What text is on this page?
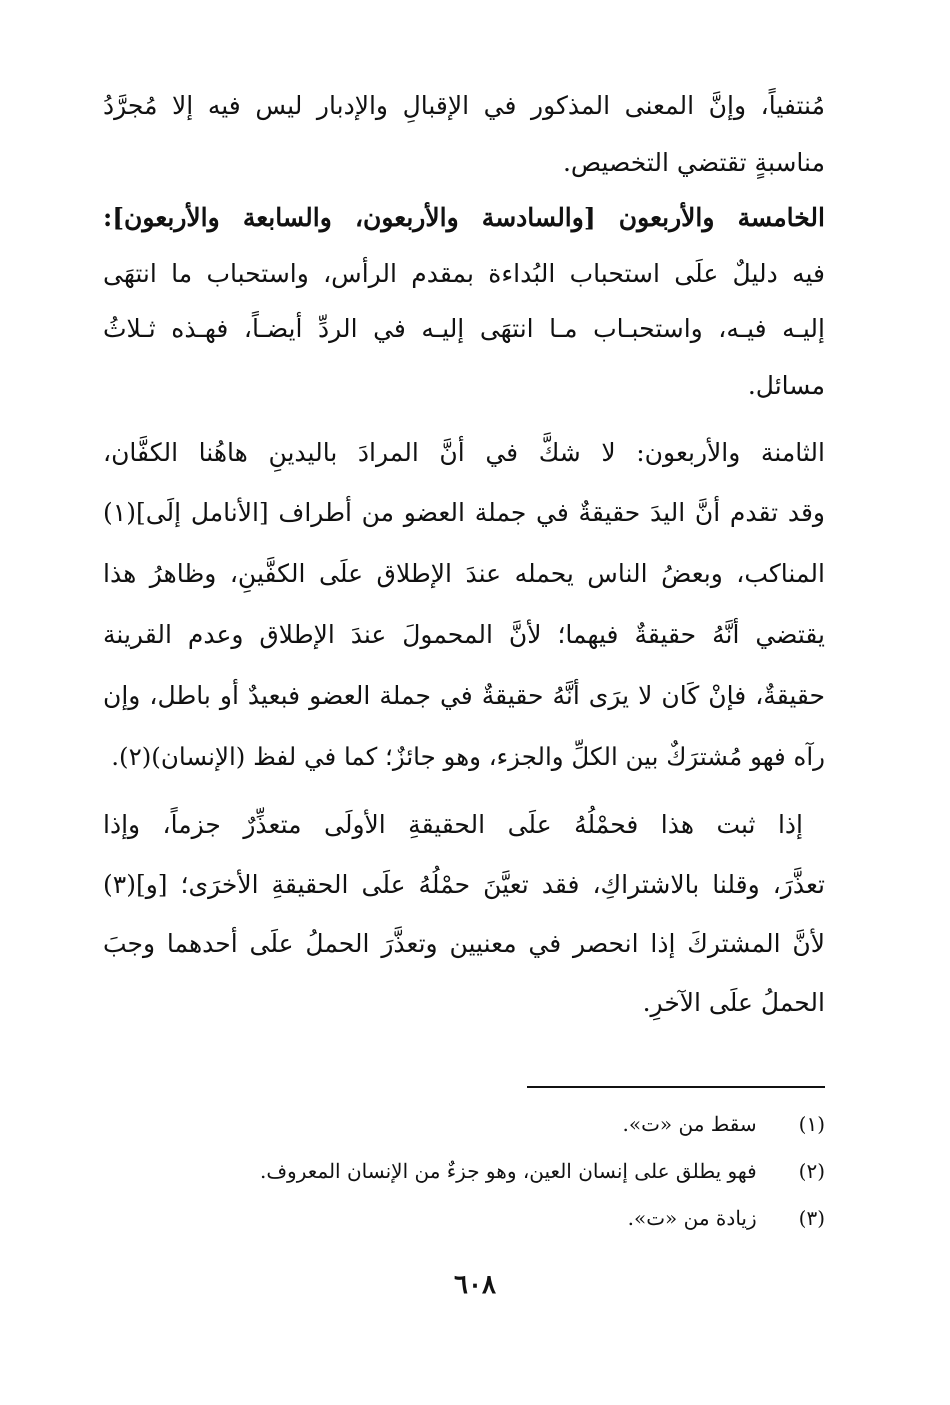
مُنتفياً، وإنَّ المعنى المذكور في الإقبالِ والإدبار ليس فيه إلا مُجرَّدُ
مناسبةٍ تقتضي التخصيص.
الخامسة والأربعون [والسادسة والأربعون، والسابعة والأربعون]:
فيه دليلٌ علَى استحباب البُداءة بمقدم الرأس، واستحباب ما انتهَى
إليـه فيـه، واستحبـاب مـا انتهَى إليـه في الردِّ أيضـاً، فهـذه ثـلاثُ
مسائل.
الثامنة والأربعون: لا شكَّ في أنَّ المرادَ باليدينِ هاهُنا الكفَّان،
وقد تقدم أنَّ اليدَ حقيقةٌ في جملة العضو من أطراف [الأنامل إلَى](١)
المناكب، وبعضُ الناس يحمله عندَ الإطلاق علَى الكفَّينِ، وظاهرُ هذا
يقتضي أنَّهُ حقيقةٌ فيهما؛ لأنَّ المحمولَ عندَ الإطلاق وعدم القرينة
حقيقةٌ، فإنْ كَان لا يرَى أنَّهُ حقيقةٌ في جملة العضو فبعيدٌ أو باطل، وإن
رآه فهو مُشترَكٌ بين الكلِّ والجزء، وهو جائزٌ؛ كما في لفظ (الإنسان)(٢).
إذا ثبت هذا فحمْلُهُ علَى الحقيقةِ الأولَى متعذِّرٌ جزماً، وإذا
تعذَّرَ، وقلنا بالاشتراكِ، فقد تعيَّنَ حمْلُهُ علَى الحقيقةِ الأخرَى؛ [و](٣)
لأنَّ المشتركَ إذا انحصر في معنيين وتعذَّرَ الحملُ علَى أحدهما وجبَ
الحملُ علَى الآخرِ.
(١) سقط من «ت».
(٢) فهو يطلق على إنسان العين، وهو جزءٌ من الإنسان المعروف.
(٣) زيادة من «ت».
٦٠٨
